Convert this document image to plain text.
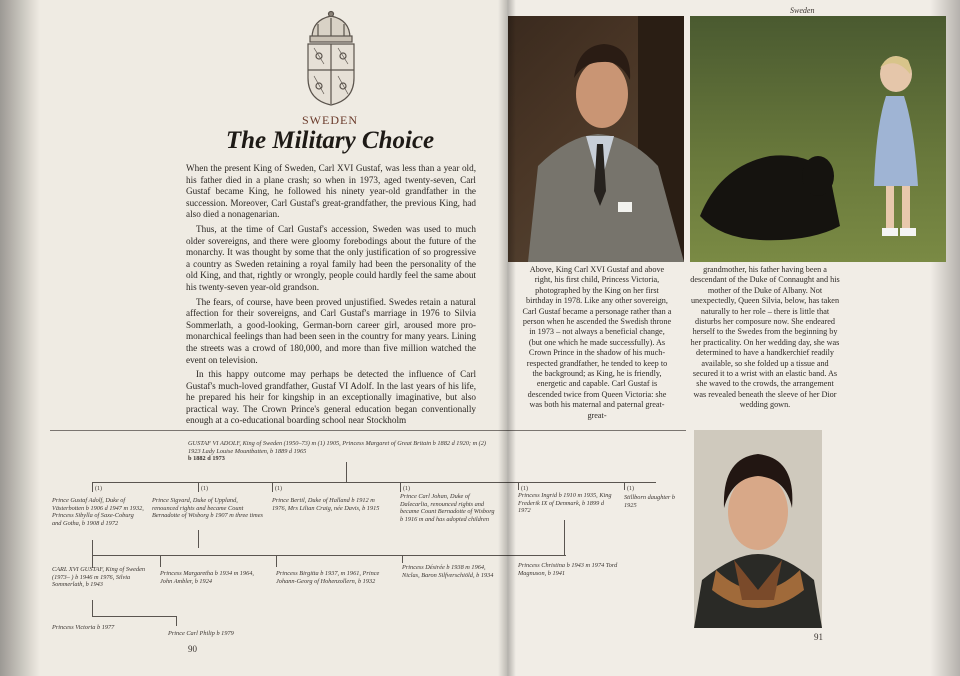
SWEDEN
The Military Choice

When the present King of Sweden, Carl XVI Gustaf, was less than a year old, his father died in a plane crash; so when in 1973, aged twenty-seven, Carl Gustaf became King, he followed his ninety year-old grandfather in the succession. Moreover, Carl Gustaf's great-grandfather, the previous King, had also died a nonagenarian.

Thus, at the time of Carl Gustaf's accession, Sweden was used to much older sovereigns, and there were gloomy forebodings about the future of the monarchy. It was thought by some that the only justification of so progressive a country as Sweden retaining a royal family had been the personality of the old King, and that, rightly or wrongly, people could hardly feel the same about his twenty-seven year-old grandson.

The fears, of course, have been proved unjustified. Swedes retain a natural affection for their sovereigns, and Carl Gustaf's marriage in 1976 to Silvia Sommerlath, a good-looking, German-born career girl, aroused more pro-monarchical feelings than had been seen in the country for many years. Lining the streets was a crowd of 180,000, and more than five million watched the event on television.

In this happy outcome may perhaps be detected the influence of Carl Gustaf's much-loved grandfather, Gustaf VI Adolf. In the last years of his life, he prepared his heir for kingship in an exceptionally imaginative, but also practical way. The Crown Prince's general education began conventionally enough at a co-educational boarding school near Stockholm

GUSTAF VI ADOLF, King of Sweden (1950–73) m (1) 1905, Princess Margaret of Great Britain b 1882 d 1920; m (2) 1923 Lady Louise Mountbatten, b 1889 d 1965
b 1882 d 1973
(1)
Prince Gustaf Adolf, Duke of Västerbotten b 1906 d 1947 m 1932, Princess Sibylla of Saxe-Coburg and Gotha, b 1908 d 1972
(1)
Prince Sigvard, Duke of Uppland, renounced rights and became Count Bernadotte of Wisborg b 1907 m three times
(1)
Prince Bertil, Duke of Halland b 1912 m 1976, Mrs Lilian Craig, née Davis, b 1915
(1)
Prince Carl Johan, Duke of Dalecarlia, renounced rights and became Count Bernadotte of Wisborg b 1916 m and has adopted children
CARL XVI GUSTAF, King of Sweden (1973– ) b 1946 m 1976, Silvia Sommerlath, b 1943
Princess Margaretha b 1934 m 1964, John Ambler, b 1924
Princess Birgitta b 1937, m 1961, Prince Johann-Georg of Hohenzollern, b 1932
Princess Désirée b 1938 m 1964, Niclas, Baron Silfverschiöld, b 1934
Princess Victoria b 1977
Prince Carl Philip b 1979
90
Sweden
Above, King Carl XVI Gustaf and above right, his first child, Princess Victoria, photographed by the King on her first birthday in 1978. Like any other sovereign, Carl Gustaf became a personage rather than a person when he ascended the Swedish throne in 1973 – not always a beneficial change, (but one which he made successfully). As Crown Prince in the shadow of his much-respected grandfather, he tended to keep to the background; as King, he is friendly, energetic and capable. Carl Gustaf is descended twice from Queen Victoria: she was both his maternal and paternal great-great-
grandmother, his father having been a descendant of the Duke of Connaught and his mother of the Duke of Albany. Not unexpectedly, Queen Silvia, below, has taken naturally to her role – there is little that disturbs her composure now. She endeared herself to the Swedes from the beginning by her practicality. On her wedding day, she was determined to have a handkerchief readily available, so she folded up a tissue and secured it to a wrist with an elastic band. As she waved to the crowds, the arrangement was revealed beneath the sleeve of her Dior wedding gown.
(1)
Princess Ingrid b 1910 m 1935, King Frederik IX of Denmark, b 1899 d 1972
(1)
Stillborn daughter b 1925
Princess Christina b 1943 m 1974 Tord Magnuson, b 1941
91
